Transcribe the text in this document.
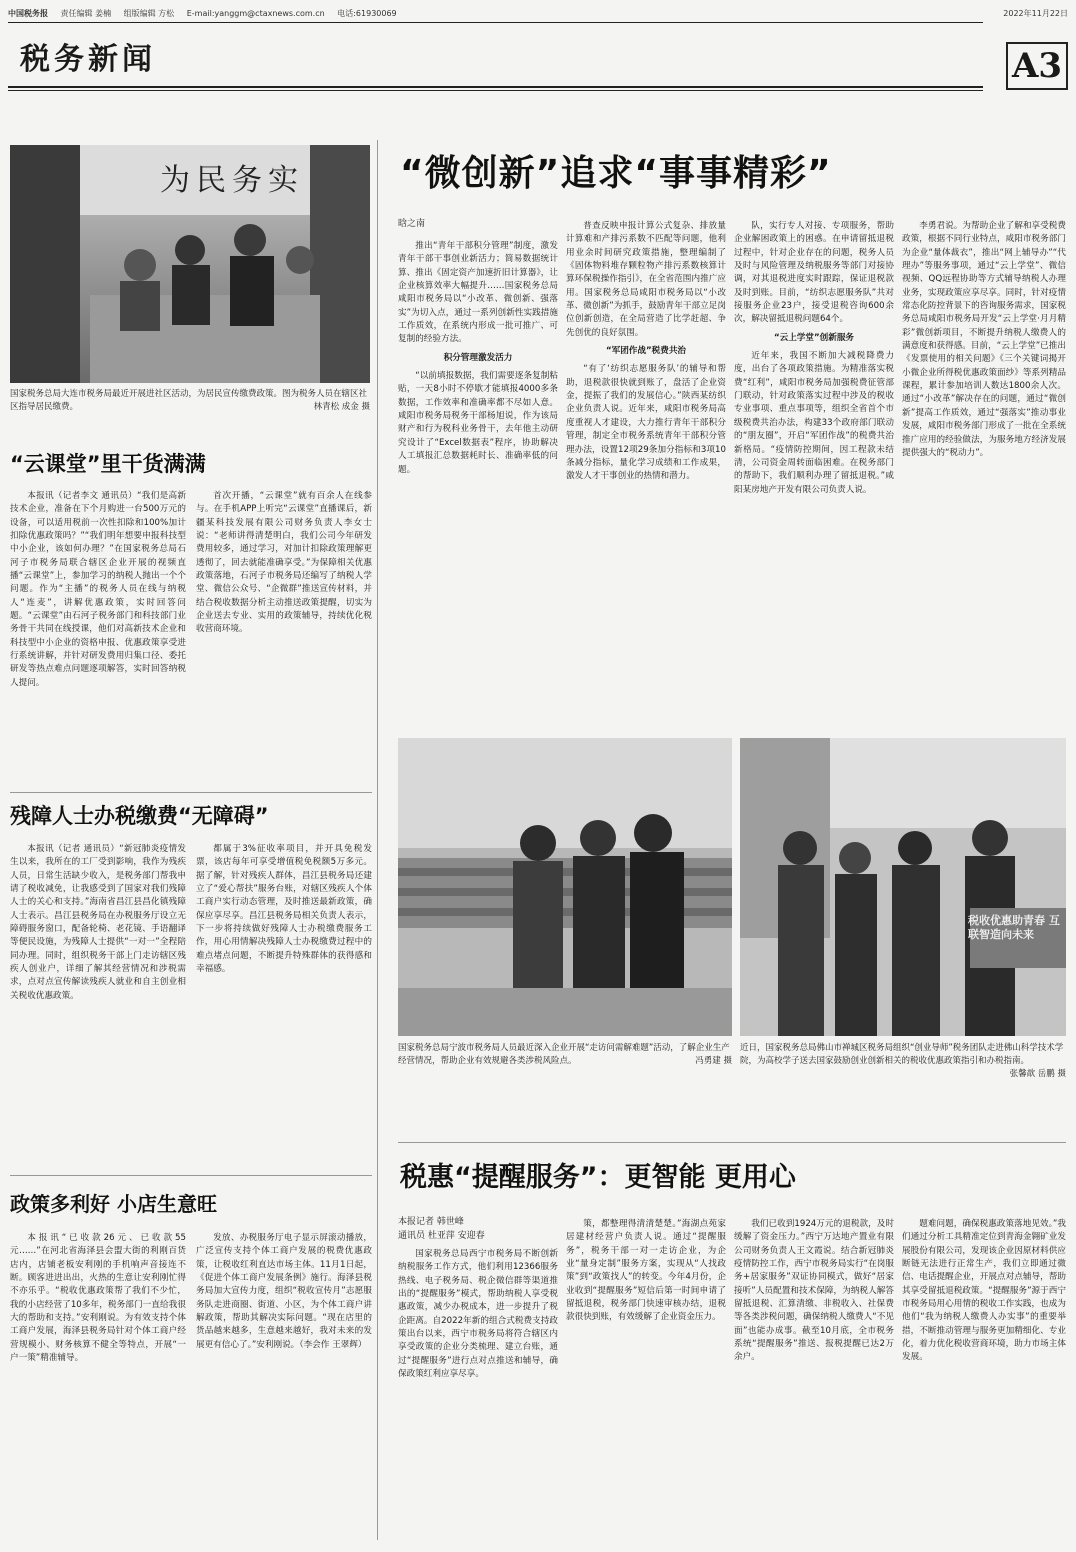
中国税务报 责任编辑 姜楠 组版编辑 方松 E-mail:yanggm@ctaxnews.com.cn 电话:61930069	2022年11月22日
税务新闻	A3
为民务实
国家税务总局大连市税务局最近开展进社区活动，为居民宣传缴费政策。图为税务人员在辖区社区指导居民缴费。	林青松 成金 摄
“云课堂”里干货满满

本报讯（记者李文 通讯员）“我们是高新技术企业，准备在下个月购进一台500万元的设备，可以适用税前一次性扣除和100%加计扣除优惠政策吗？”“我们明年想要申报科技型中小企业，该如何办理？”在国家税务总局石河子市税务局联合辖区企业开展的视频直播“云课堂”上，参加学习的纳税人抛出一个个问题。作为“主播”的税务人员在线与纳税人“连麦”，讲解优惠政策，实时回答问题。“云课堂”由石河子税务部门和科技部门业务骨干共同在线授课，他们对高新技术企业和科技型中小企业的资格申报、优惠政策享受进行系统讲解，并针对研发费用归集口径、委托研发等热点难点问题逐项解答，实时回答纳税人提问。

首次开播，“云课堂”就有百余人在线参与。在手机APP上听完“云课堂”直播课后，新疆某科技发展有限公司财务负责人李女士说：“老师讲得清楚明白，我们公司今年研发费用较多，通过学习，对加计扣除政策理解更透彻了，回去就能准确享受。”为保障相关优惠政策落地，石河子市税务局还编写了纳税人学堂、微信公众号、“企微群”推送宣传材料，并结合税收数据分析主动推送政策提醒，切实为企业送去专业、实用的政策辅导，持续优化税收营商环境。

残障人士办税缴费“无障碍”

本报讯（记者 通讯员）“新冠肺炎疫情发生以来，我所在的工厂受到影响，我作为残疾人员，日常生活缺少收入，是税务部门帮我申请了税收减免，让我感受到了国家对我们残障人士的关心和支持。”海南省昌江县昌化镇残障人士表示。昌江县税务局在办税服务厅设立无障碍服务窗口，配备轮椅、老花镜、手语翻译等便民设施，为残障人士提供“一对一”全程陪同办理。同时，组织税务干部上门走访辖区残疾人创业户，详细了解其经营情况和涉税需求，点对点宣传解读残疾人就业和自主创业相关税收优惠政策。

都属于3%征收率项目，并开具免税发票，该店每年可享受增值税免税额5万多元。据了解，针对残疾人群体，昌江县税务局还建立了“爱心帮扶”服务台账，对辖区残疾人个体工商户实行动态管理，及时推送最新政策，确保应享尽享。昌江县税务局相关负责人表示，下一步将持续做好残障人士办税缴费服务工作，用心用情解决残障人士办税缴费过程中的难点堵点问题，不断提升特殊群体的获得感和幸福感。

政策多利好 小店生意旺

本报讯“已收款26元、已收款55元……”在河北省海泽县会盟大街的利刚百货店内，店铺老板安利刚的手机响声音接连不断。顾客进进出出，火热的生意让安利刚忙得不亦乐乎。“税收优惠政策帮了我们不少忙，我的小店经营了10多年，税务部门一直给我很大的帮助和支持。”安利刚说。为有效支持个体工商户发展，海泽县税务局针对个体工商户经营规模小、财务核算不健全等特点，开展“一户一策”精准辅导。

发放、办税服务厅电子显示屏滚动播放，广泛宣传支持个体工商户发展的税费优惠政策，让税收红利直达市场主体。11月1日起，《促进个体工商户发展条例》施行。海泽县税务局加大宣传力度，组织“税收宣传月”志愿服务队走进商圈、街道、小区，为个体工商户讲解政策，帮助其解决实际问题。“现在店里的货品越来越多，生意越来越好，我对未来的发展更有信心了。”安利刚说。（李会作 王翠辉）

“微创新”追求“事事精彩”
晗之南

推出“青年干部积分管理”制度，激发青年干部干事创业新活力；简易数据统计算、推出《固定资产加速折旧计算器》，让企业核算效率大幅提升……国家税务总局咸阳市税务局以“小改革、微创新、强落实”为切入点，通过一系列创新性实践措施工作质效，在系统内形成一批可推广、可复制的经验方法。

积分管理激发活力

“以前填报数据，我们需要逐条复制粘贴，一天8小时不停歇才能填报4000多条数据，工作效率和准确率都不尽如人意。咸阳市税务局税务干部杨旭说，作为该局财产和行为税科业务骨干，去年他主动研究设计了“Excel数据表”程序，协助解决人工填报汇总数据耗时长、准确率低的问题。

普查反映申报计算公式复杂、排放量计算难和产排污系数不匹配等问题，他利用业余时间研究政策措施，整理编制了《固体物料堆存颗粒物产排污系数核算计算环保税操作指引》，在全省范围内推广应用。国家税务总局咸阳市税务局以“小改革、微创新”为抓手，鼓励青年干部立足岗位创新创造，在全局营造了比学赶超、争先创优的良好氛围。

“军团作战”税费共治

“有了‘纺织志愿服务队’的辅导和帮助，退税款很快就到账了，盘活了企业资金，提振了我们的发展信心。”陕西某纺织企业负责人说。近年来，咸阳市税务局高度重视人才建设，大力推行青年干部积分管理，制定全市税务系统青年干部积分管理办法，设置12项29条加分指标和3项10条减分指标，量化学习成绩和工作成果，激发人才干事创业的热情和潜力。

队，实行专人对接、专项服务，帮助企业解困政策上的困惑。在申请留抵退税过程中，针对企业存在的问题，税务人员及时与风险管理及纳税服务等部门对接协调，对其退税进度实时跟踪，保证退税款及时到账。目前，“纺织志愿服务队”共对接服务企业23户，接受退税咨询600余次，解决留抵退税问题64个。

“云上学堂”创新服务

近年来，我国不断加大减税降费力度，出台了各项政策措施。为精准落实税费“红利”，咸阳市税务局加强税费征管部门联动，针对政策落实过程中涉及的税收专业事项、重点事项等，组织全省首个市级税费共治办法，构建33个政府部门联动的“朋友圈”，开启“军团作战”的税费共治新格局。“疫情防控期间，因工程款未结清，公司资金周转面临困难。在税务部门的帮助下，我们顺利办理了留抵退税。”咸阳某房地产开发有限公司负责人说。

李勇君说。为帮助企业了解和享受税费政策，根据不同行业特点，咸阳市税务部门为企业“量体裁衣”，推出“网上辅导办”“代理办”等服务事项，通过“云上学堂”、微信视频、QQ远程协助等方式辅导纳税人办理业务，实现政策应享尽享。同时，针对疫情常态化防控背景下的咨询服务需求，国家税务总局咸阳市税务局开发“云上学堂·月月精彩”微创新项目，不断提升纳税人缴费人的满意度和获得感。目前，“云上学堂”已推出《发票使用的相关问题》《三个关键词揭开小微企业所得税优惠政策面纱》等系列精品课程，累计参加培训人数达1800余人次。通过“小改革”解决存在的问题，通过“微创新”提高工作质效，通过“强落实”推动事业发展，咸阳市税务部门形成了一批在全系统推广应用的经验做法，为服务地方经济发展提供强大的“税动力”。

国家税务总局宁波市税务局人员最近深入企业开展“走访问需解难题”活动，了解企业生产经营情况，帮助企业有效规避各类涉税风险点。	冯勇建 摄
税收优惠助青春 互联智造向未来
近日，国家税务总局佛山市禅城区税务局组织“创业导师”税务团队走进佛山科学技术学院，为高校学子送去国家鼓励创业创新相关的税收优惠政策指引和办税指南。
张馨歆 岳鹏 摄
税惠“提醒服务”：更智能 更用心
本报记者 韩世峰
通讯员 杜亚萍 安迎春

国家税务总局西宁市税务局不断创新纳税服务工作方式，他们利用12366服务热线、电子税务局、税企微信群等渠道推出的“提醒服务”模式，帮助纳税人享受税惠政策，减少办税成本，进一步提升了税企距离。自2022年新的组合式税费支持政策出台以来，西宁市税务局将符合辖区内享受政策的企业分类梳理、建立台账，通过“提醒服务”进行点对点推送和辅导，确保政策红利应享尽享。

策，都整理得清清楚楚。”海湖点苑家居建材经营户负责人说。通过“提醒服务”，税务干部一对一走访企业，为企业“量身定制”服务方案，实现从“人找政策”到“政策找人”的转变。今年4月份，企业收到“提醒服务”短信后第一时间申请了留抵退税，税务部门快速审核办结，退税款很快到账，有效缓解了企业资金压力。

我们已收到1924万元的退税款，及时缓解了资金压力。”西宁万达地产置业有限公司财务负责人王文霞说。结合新冠肺炎疫情防控工作，西宁市税务局实行“在岗服务+居家服务”双证协同模式，做好“居家接听”人员配置和技术保障，为纳税人解答留抵退税、汇算清缴、非税收入、社保费等各类涉税问题，确保纳税人缴费人“不见面”也能办成事。截至10月底，全市税务系统“提醒服务”推送、报税提醒已达2万余户。

题难问题，确保税惠政策落地见效。”我们通过分析工具精准定位到青海金翱矿业发展股份有限公司，发现该企业因原材料供应断链无法进行正常生产，我们立即通过微信、电话提醒企业，开展点对点辅导，帮助其享受留抵退税政策。“提醒服务”源于西宁市税务局用心用情的税收工作实践，也成为他们“我为纳税人缴费人办实事”的重要举措，不断推动管理与服务更加精细化、专业化，着力优化税收营商环境，助力市场主体发展。
